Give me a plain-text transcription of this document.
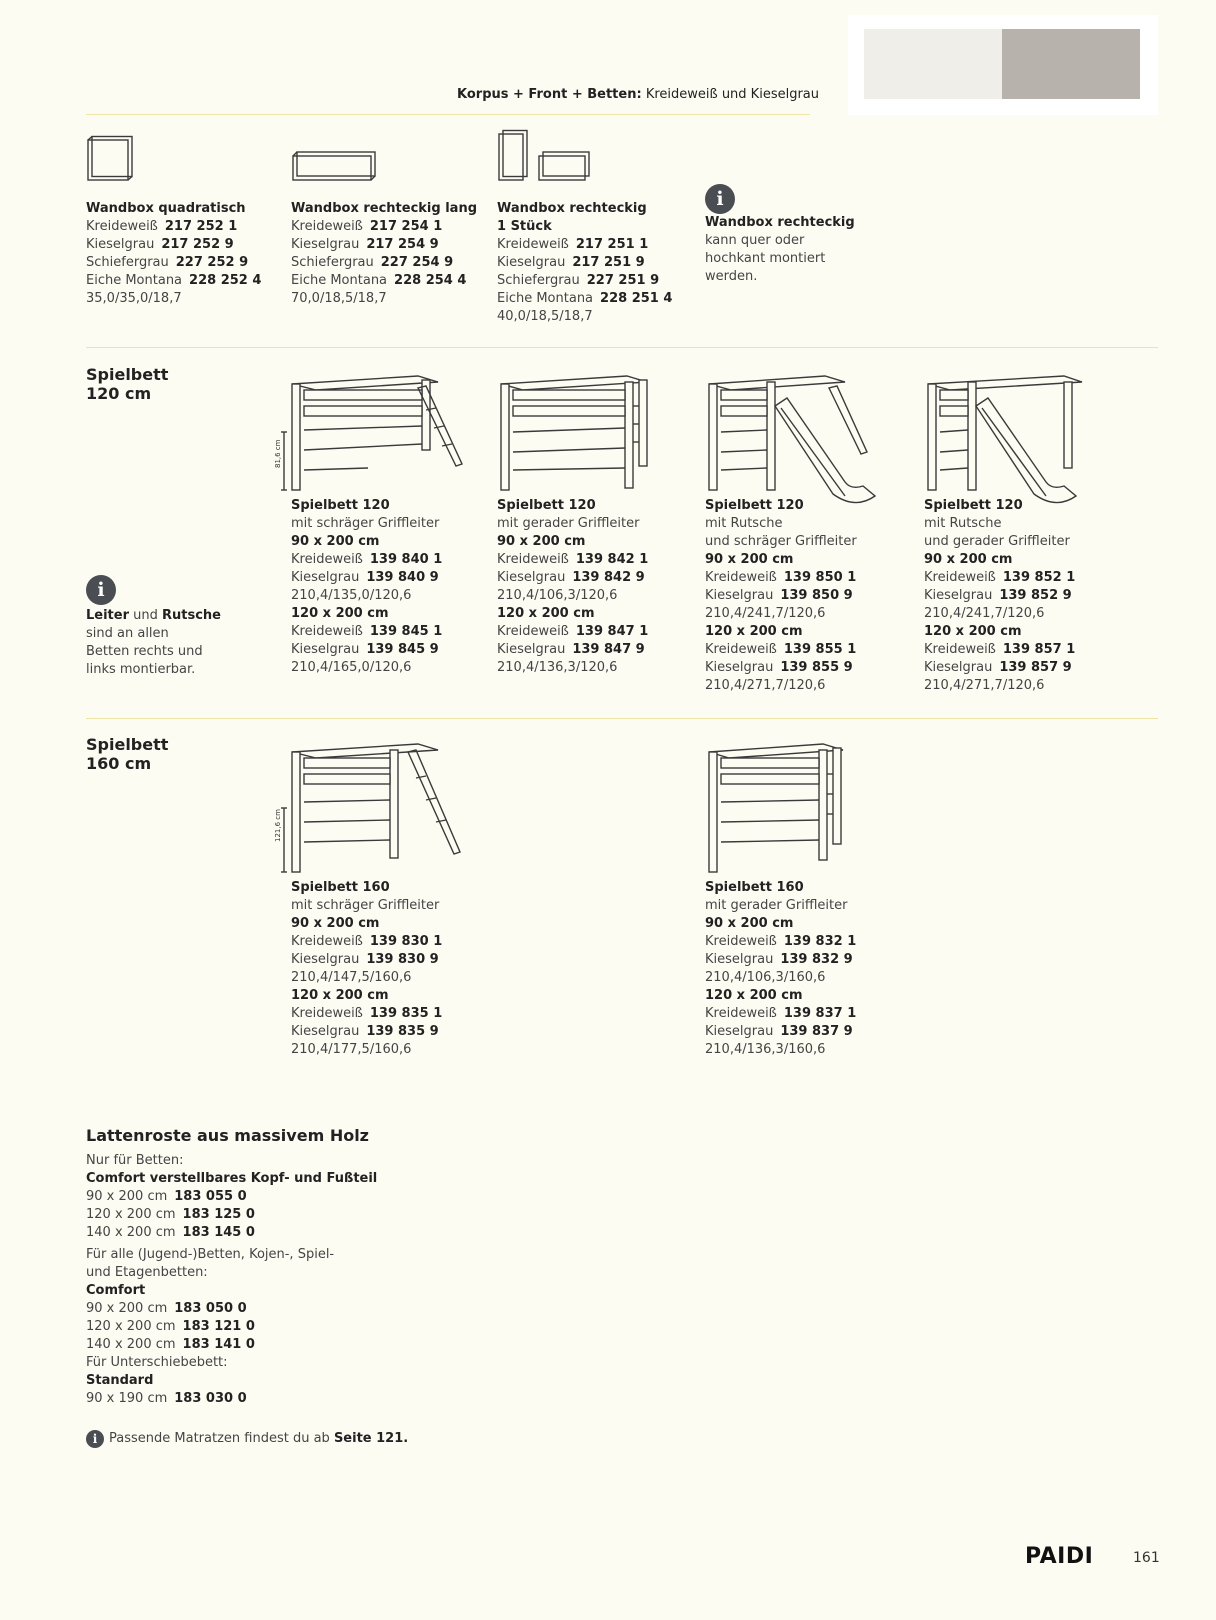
Korpus + Front + Betten: Kreideweiß und Kieselgrau
Wandbox quadratisch
Kreideweiß 217 252 1
Kieselgrau 217 252 9
Schiefergrau 227 252 9
Eiche Montana 228 252 4
35,0/35,0/18,7
Wandbox rechteckig lang
Kreideweiß 217 254 1
Kieselgrau 217 254 9
Schiefergrau 227 254 9
Eiche Montana 228 254 4
70,0/18,5/18,7
Wandbox rechteckig
1 Stück
Kreideweiß 217 251 1
Kieselgrau 217 251 9
Schiefergrau 227 251 9
Eiche Montana 228 251 4
40,0/18,5/18,7
i
Wandbox rechteckig
kann quer oder
hochkant montiert
werden.
Spielbett
120 cm
i
Leiter und Rutsche
sind an allen
Betten rechts und
links montierbar.
81,6 cm
Spielbett 120
mit schräger Griffleiter
90 x 200 cm
Kreideweiß 139 840 1
Kieselgrau 139 840 9
210,4/135,0/120,6
120 x 200 cm
Kreideweiß 139 845 1
Kieselgrau 139 845 9
210,4/165,0/120,6
Spielbett 120
mit gerader Griffleiter
90 x 200 cm
Kreideweiß 139 842 1
Kieselgrau 139 842 9
210,4/106,3/120,6
120 x 200 cm
Kreideweiß 139 847 1
Kieselgrau 139 847 9
210,4/136,3/120,6
Spielbett 120
mit Rutsche
und schräger Griffleiter
90 x 200 cm
Kreideweiß 139 850 1
Kieselgrau 139 850 9
210,4/241,7/120,6
120 x 200 cm
Kreideweiß 139 855 1
Kieselgrau 139 855 9
210,4/271,7/120,6
Spielbett 120
mit Rutsche
und gerader Griffleiter
90 x 200 cm
Kreideweiß 139 852 1
Kieselgrau 139 852 9
210,4/241,7/120,6
120 x 200 cm
Kreideweiß 139 857 1
Kieselgrau 139 857 9
210,4/271,7/120,6
Spielbett
160 cm
121,6 cm
Spielbett 160
mit schräger Griffleiter
90 x 200 cm
Kreideweiß 139 830 1
Kieselgrau 139 830 9
210,4/147,5/160,6
120 x 200 cm
Kreideweiß 139 835 1
Kieselgrau 139 835 9
210,4/177,5/160,6
Spielbett 160
mit gerader Griffleiter
90 x 200 cm
Kreideweiß 139 832 1
Kieselgrau 139 832 9
210,4/106,3/160,6
120 x 200 cm
Kreideweiß 139 837 1
Kieselgrau 139 837 9
210,4/136,3/160,6
Lattenroste aus massivem Holz
Nur für Betten:
Comfort verstellbares Kopf- und Fußteil
90 x 200 cm 183 055 0
120 x 200 cm 183 125 0
140 x 200 cm 183 145 0
Für alle (Jugend-)Betten, Kojen-, Spiel-
und Etagenbetten:
Comfort
90 x 200 cm 183 050 0
120 x 200 cm 183 121 0
140 x 200 cm 183 141 0
Für Unterschiebebett:
Standard
90 x 190 cm 183 030 0
i Passende Matratzen findest du ab Seite 121.
PAIDI	161
